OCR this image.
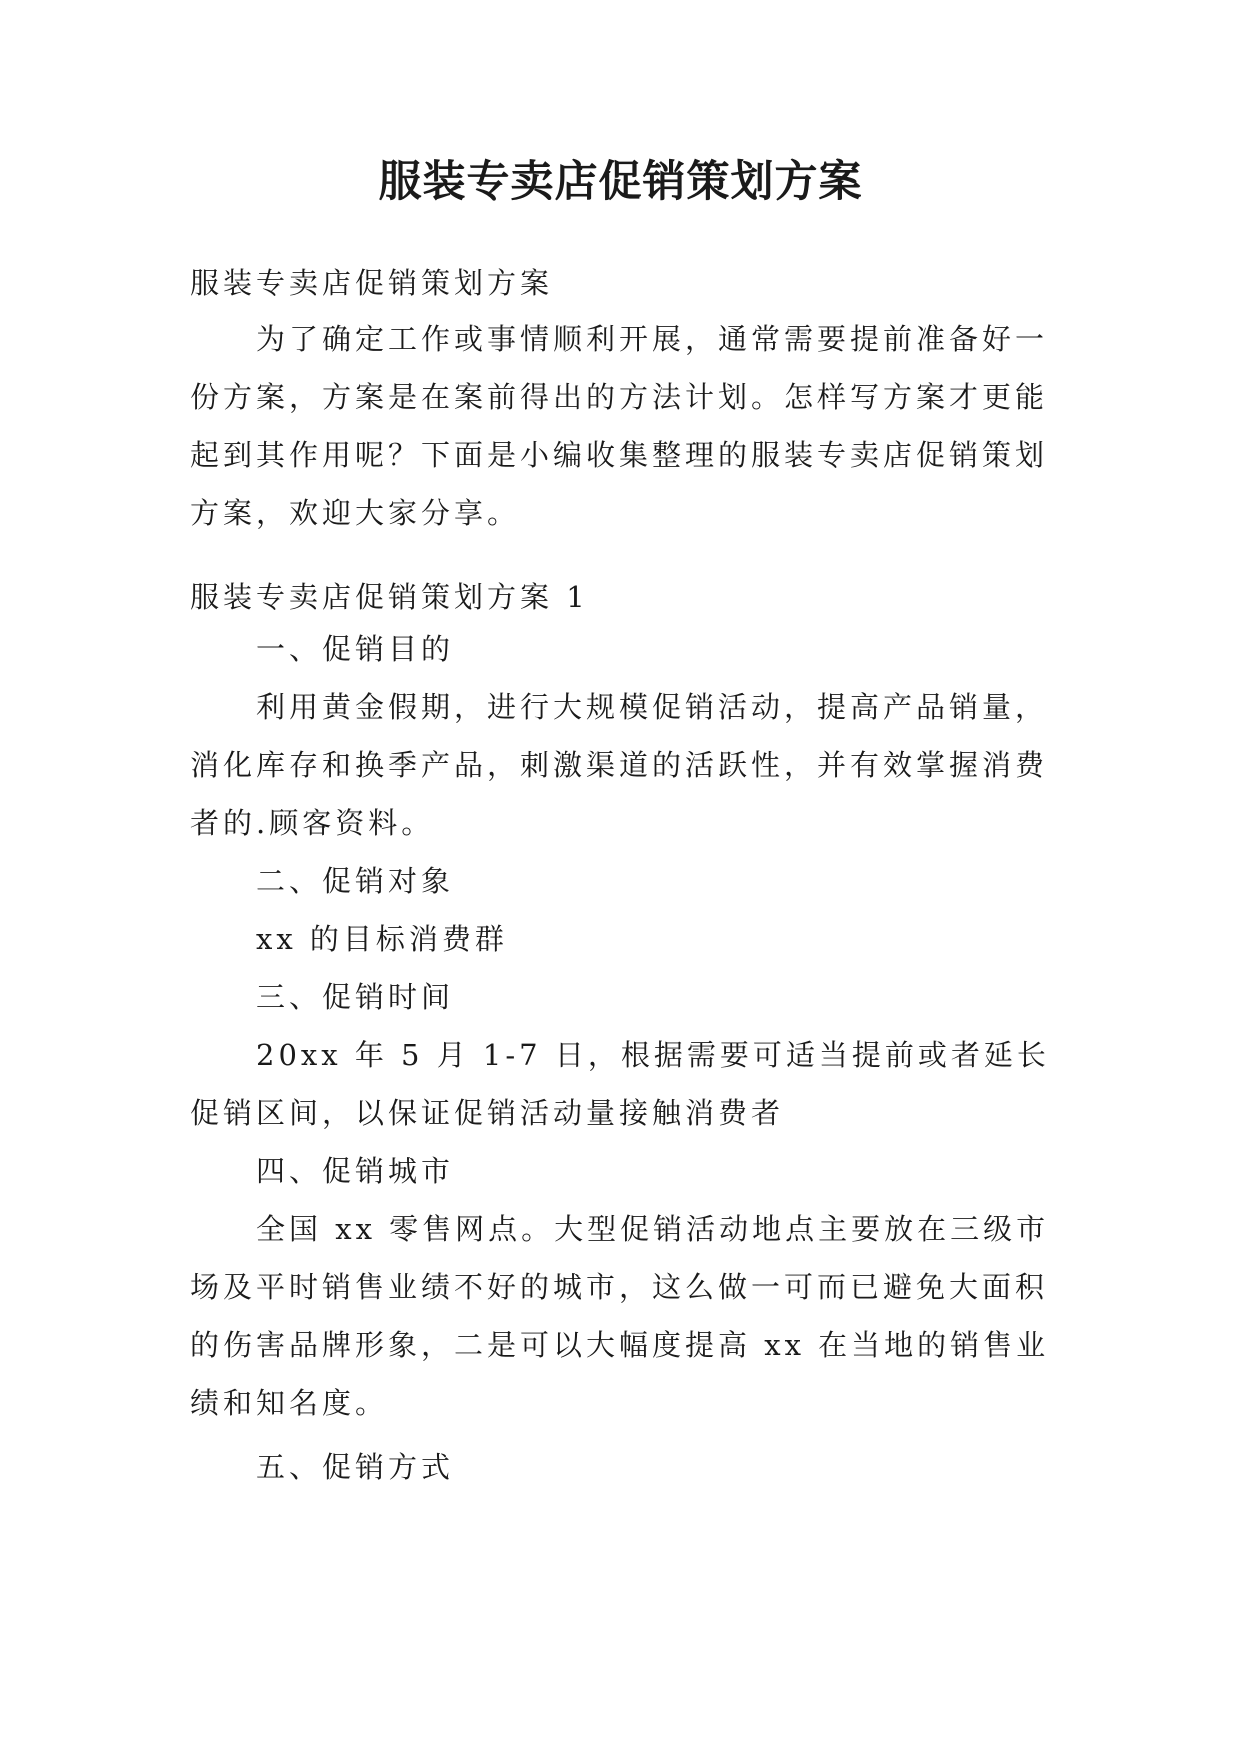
服装专卖店促销策划方案
服装专卖店促销策划方案

为了确定工作或事情顺利开展，通常需要提前准备好一份方案，方案是在案前得出的方法计划。怎样写方案才更能起到其作用呢？下面是小编收集整理的服装专卖店促销策划方案，欢迎大家分享。

服装专卖店促销策划方案 1

一、促销目的

利用黄金假期，进行大规模促销活动，提高产品销量，消化库存和换季产品，刺激渠道的活跃性，并有效掌握消费者的.顾客资料。

二、促销对象

xx 的目标消费群

三、促销时间

20xx 年 5 月 1-7 日，根据需要可适当提前或者延长促销区间，以保证促销活动量接触消费者

四、促销城市

全国 xx 零售网点。大型促销活动地点主要放在三级市场及平时销售业绩不好的城市，这么做一可而已避免大面积的伤害品牌形象，二是可以大幅度提高 xx 在当地的销售业绩和知名度。

五、促销方式
